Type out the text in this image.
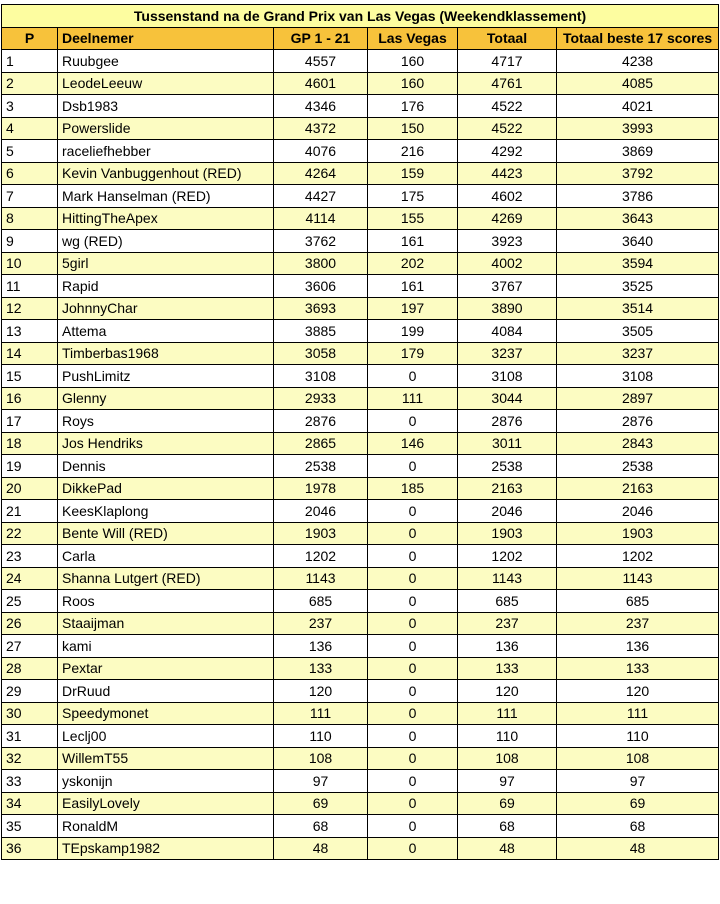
Tussenstand na de Grand Prix van Las Vegas (Weekendklassement)					
P	Deelnemer	GP 1 - 21	Las Vegas	Totaal	Totaal beste 17 scores
1	Ruubgee	4557	160	4717	4238
2	LeodeLeeuw	4601	160	4761	4085
3	Dsb1983	4346	176	4522	4021
4	Powerslide	4372	150	4522	3993
5	raceliefhebber	4076	216	4292	3869
6	Kevin Vanbuggenhout (RED)	4264	159	4423	3792
7	Mark Hanselman (RED)	4427	175	4602	3786
8	HittingTheApex	4114	155	4269	3643
9	wg (RED)	3762	161	3923	3640
10	5girl	3800	202	4002	3594
11	Rapid	3606	161	3767	3525
12	JohnnyChar	3693	197	3890	3514
13	Attema	3885	199	4084	3505
14	Timberbas1968	3058	179	3237	3237
15	PushLimitz	3108	0	3108	3108
16	Glenny	2933	111	3044	2897
17	Roys	2876	0	2876	2876
18	Jos Hendriks	2865	146	3011	2843
19	Dennis	2538	0	2538	2538
20	DikkePad	1978	185	2163	2163
21	KeesKlaplong	2046	0	2046	2046
22	Bente Will (RED)	1903	0	1903	1903
23	Carla	1202	0	1202	1202
24	Shanna Lutgert (RED)	1143	0	1143	1143
25	Roos	685	0	685	685
26	Staaijman	237	0	237	237
27	kami	136	0	136	136
28	Pextar	133	0	133	133
29	DrRuud	120	0	120	120
30	Speedymonet	111	0	111	111
31	Leclj00	110	0	110	110
32	WillemT55	108	0	108	108
33	yskonijn	97	0	97	97
34	EasilyLovely	69	0	69	69
35	RonaldM	68	0	68	68
36	TEpskamp1982	48	0	48	48
